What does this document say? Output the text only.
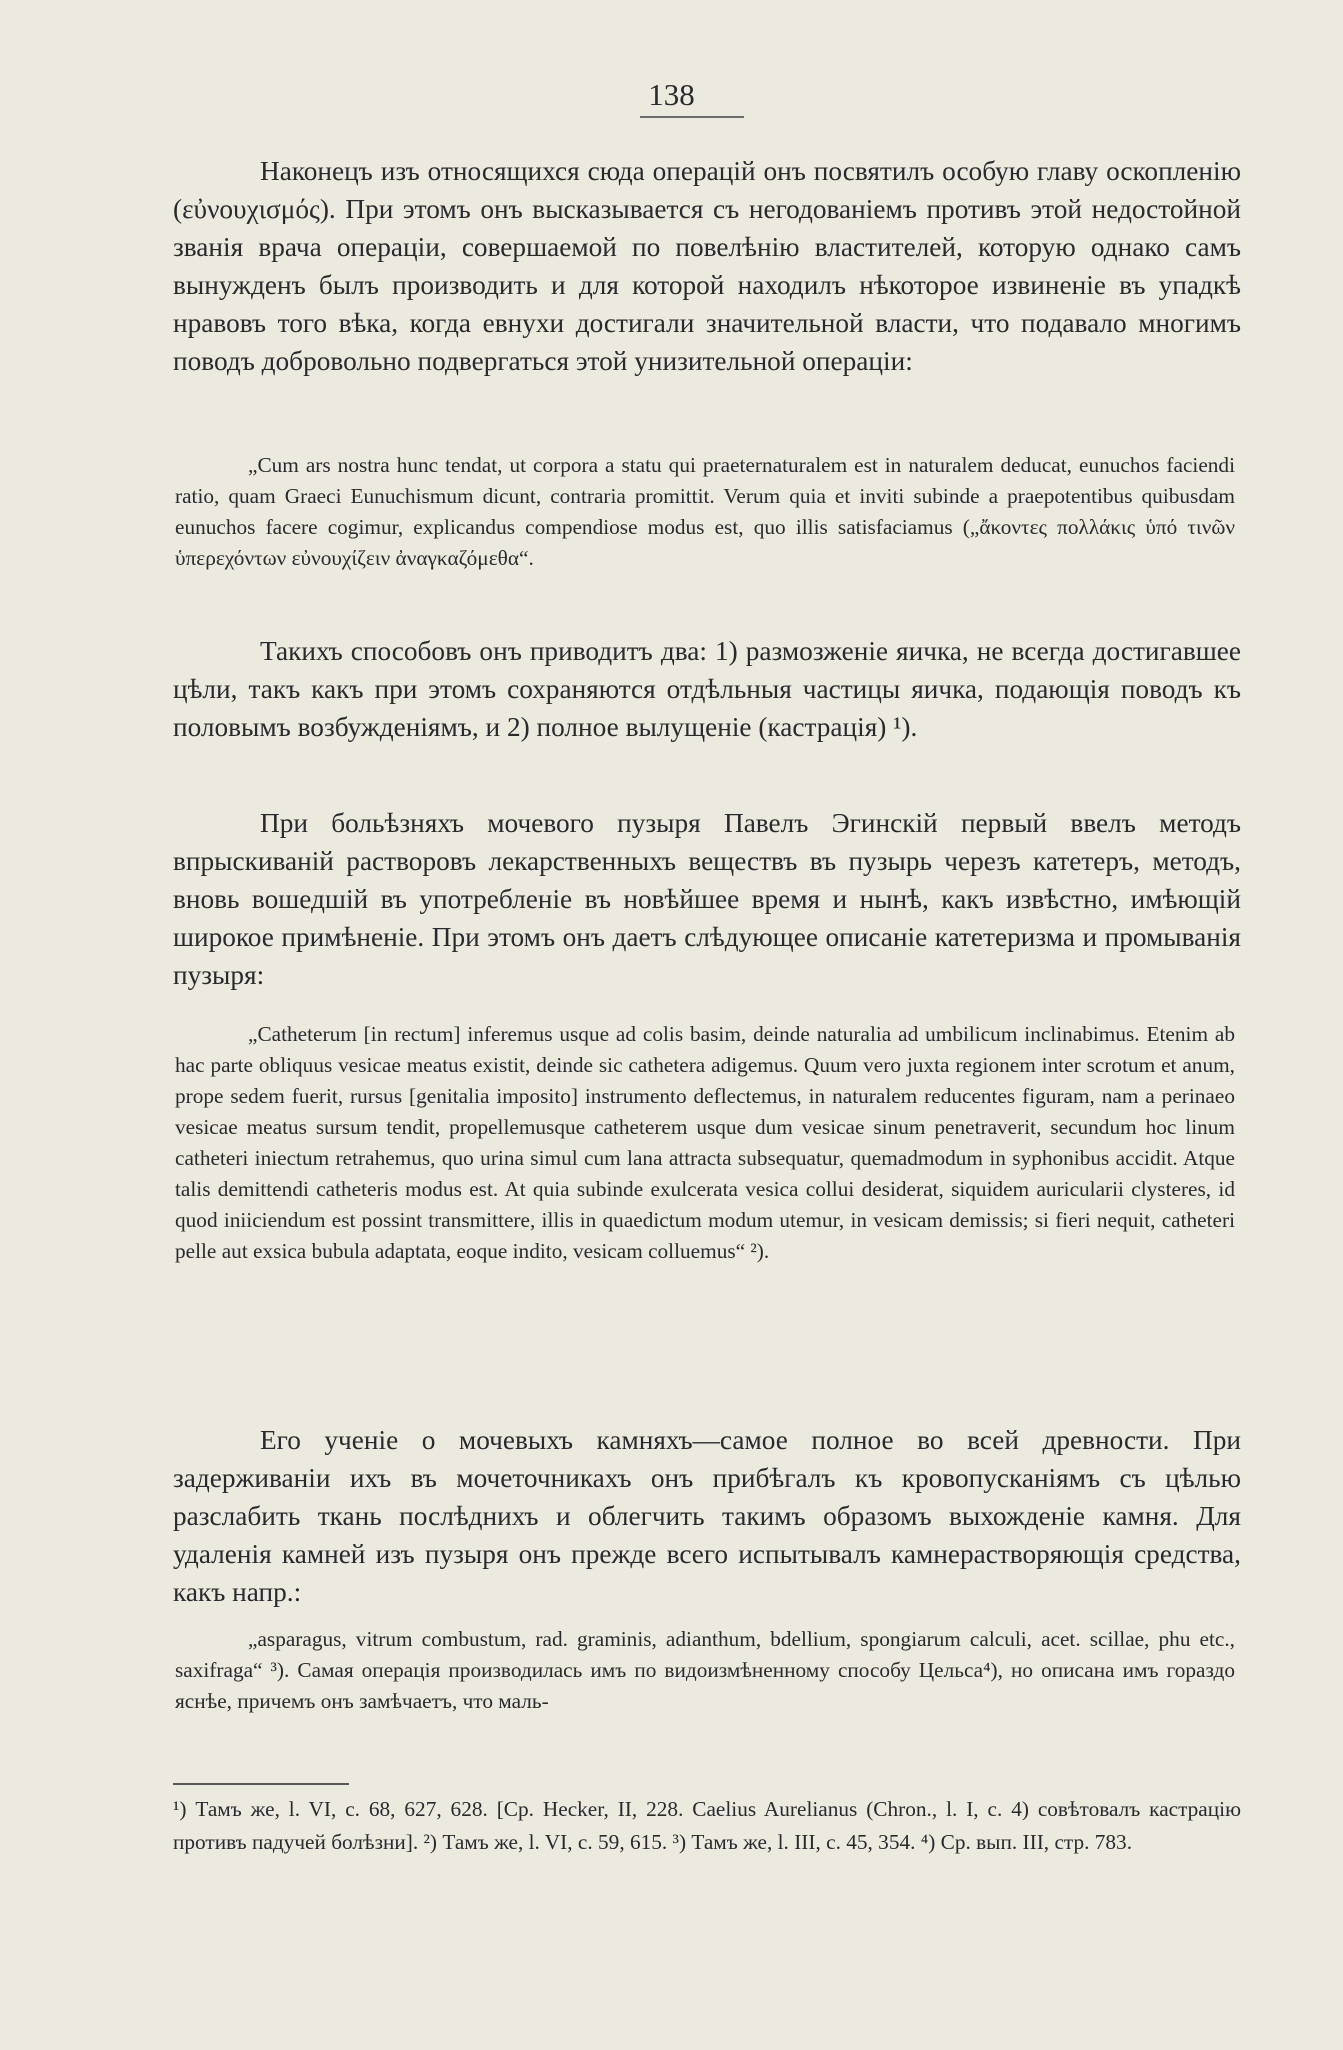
138

Наконецъ изъ относящихся сюда операцій онъ посвятилъ особую главу оскопленію (εὐνουχισμός). При этомъ онъ высказывается съ негодованіемъ противъ этой недостойной званія врача операціи, совершаемой по повелѣнію властителей, которую однако самъ вынужденъ былъ производить и для которой находилъ нѣкоторое извиненіе въ упадкѣ нравовъ того вѣка, когда евнухи достигали значительной власти, что подавало многимъ поводъ добровольно подвергаться этой унизительной операціи:

„Cum ars nostra hunc tendat, ut corpora a statu qui praeternaturalem est in naturalem deducat, eunuchos faciendi ratio, quam Graeci Eunuchismum dicunt, contraria promittit. Verum quia et inviti subinde a praepotentibus quibusdam eunuchos facere cogimur, explicandus compendiose modus est, quo illis satisfaciamus („ἄκοντες πολλάκις ὑπό τινῶν ὑπερεχόντων εὐνουχίζειν ἀναγκαζόμεθα“.

Такихъ способовъ онъ приводитъ два: 1) размозженіе яичка, не всегда достигавшее цѣли, такъ какъ при этомъ сохраняются отдѣльныя частицы яичка, подающія поводъ къ половымъ возбужденіямъ, и 2) полное вылущеніе (кастрація) ¹).

При больѣзняхъ мочевого пузыря Павелъ Эгинскій первый ввелъ методъ впрыскиваній растворовъ лекарственныхъ веществъ въ пузырь черезъ катетеръ, методъ, вновь вошедшій въ употребленіе въ новѣйшее время и нынѣ, какъ извѣстно, имѣющій широкое примѣненіе. При этомъ онъ даетъ слѣдующее описаніе катетеризма и промыванія пузыря:

„Catheterum [in rectum] inferemus usque ad colis basim, deinde naturalia ad umbilicum inclinabimus. Etenim ab hac parte obliquus vesicae meatus existit, deinde sic cathetera adigemus. Quum vero juxta regionem inter scrotum et anum, prope sedem fuerit, rursus [genitalia imposito] instrumento deflectemus, in naturalem reducentes figuram, nam a perinaeo vesicae meatus sursum tendit, propellemusque catheterem usque dum vesicae sinum penetraverit, secundum hoc linum catheteri iniectum retrahemus, quo urina simul cum lana attracta subsequatur, quemadmodum in syphonibus accidit. Atque talis demittendi catheteris modus est. At quia subinde exulcerata vesica collui desiderat, siquidem auricularii clysteres, id quod iniiciendum est possint transmittere, illis in quaedictum modum utemur, in vesicam demissis; si fieri nequit, catheteri pelle aut exsica bubula adaptata, eoque indito, vesicam colluemus“ ²).

Его ученіе о мочевыхъ камняхъ—самое полное во всей древности. При задерживаніи ихъ въ мочеточникахъ онъ прибѣгалъ къ кровопусканіямъ съ цѣлью разслабить ткань послѣднихъ и облегчить такимъ образомъ выхожденіе камня. Для удаленія камней изъ пузыря онъ прежде всего испытывалъ камнерастворяющія средства, какъ напр.:

„asparagus, vitrum combustum, rad. graminis, adianthum, bdellium, spongiarum calculi, acet. scillae, phu etc., saxifraga“ ³). Самая операція производилась имъ по видоизмѣненному способу Цельса⁴), но описана имъ гораздо яснѣе, причемъ онъ замѣчаетъ, что маль-

¹) Тамъ же, l. VI, c. 68, 627, 628. [Ср. Hecker, II, 228. Caelius Aurelianus (Chron., l. I, c. 4) совѣтовалъ кастрацію противъ падучей болѣзни]. ²) Тамъ же, l. VI, c. 59, 615. ³) Тамъ же, l. III, c. 45, 354. ⁴) Ср. вып. III, стр. 783.
